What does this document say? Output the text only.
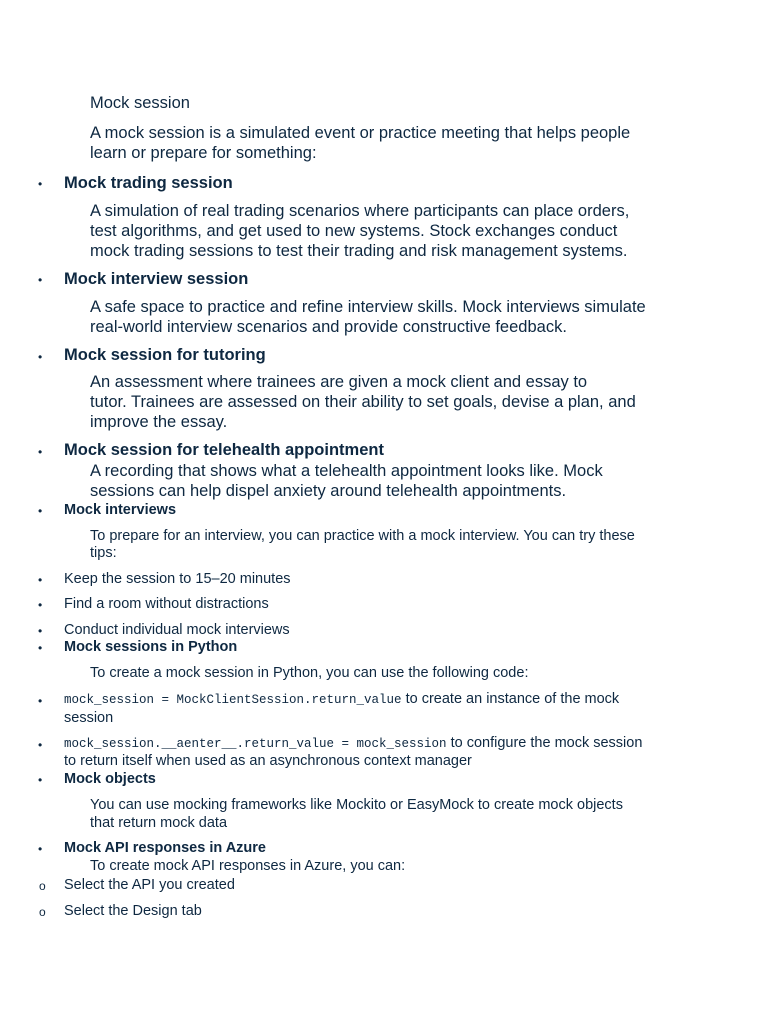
Mock session
A mock session is a simulated event or practice meeting that helps people
learn or prepare for something:
• Mock trading session
A simulation of real trading scenarios where participants can place orders,
test algorithms, and get used to new systems. Stock exchanges conduct
mock trading sessions to test their trading and risk management systems.
• Mock interview session
A safe space to practice and refine interview skills. Mock interviews simulate
real-world interview scenarios and provide constructive feedback.
• Mock session for tutoring
An assessment where trainees are given a mock client and essay to
tutor. Trainees are assessed on their ability to set goals, devise a plan, and
improve the essay.
• Mock session for telehealth appointment
A recording that shows what a telehealth appointment looks like. Mock
sessions can help dispel anxiety around telehealth appointments.
• Mock interviews
To prepare for an interview, you can practice with a mock interview. You can try these
tips:
• Keep the session to 15–20 minutes
• Find a room without distractions
• Conduct individual mock interviews
• Mock sessions in Python
To create a mock session in Python, you can use the following code:
• mock_session = MockClientSession.return_value to create an instance of the mock
session
• mock_session.__aenter__.return_value = mock_session to configure the mock session
to return itself when used as an asynchronous context manager
• Mock objects
You can use mocking frameworks like Mockito or EasyMock to create mock objects
that return mock data
• Mock API responses in Azure
To create mock API responses in Azure, you can:
o Select the API you created
o Select the Design tab
